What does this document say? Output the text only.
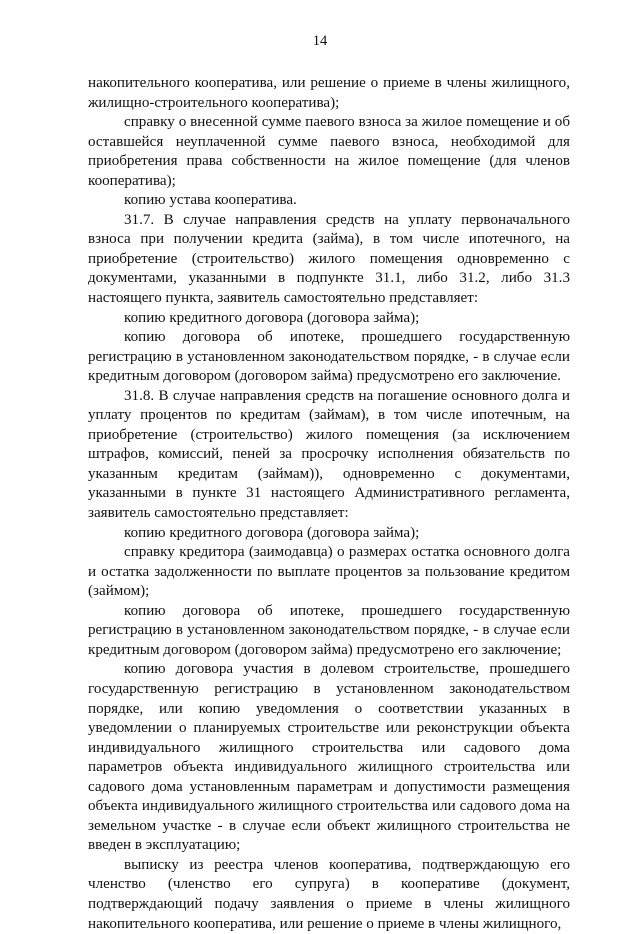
14

накопительного кооператива, или решение о приеме в члены жилищного, жилищно-строительного кооператива);

справку о внесенной сумме паевого взноса за жилое помещение и об оставшейся неуплаченной сумме паевого взноса, необходимой для приобретения права собственности на жилое помещение (для членов кооператива);

копию устава кооператива.

31.7. В случае направления средств на уплату первоначального взноса при получении кредита (займа), в том числе ипотечного, на приобретение (строительство) жилого помещения одновременно с документами, указанными в подпункте 31.1, либо 31.2, либо 31.3 настоящего пункта, заявитель самостоятельно представляет:

копию кредитного договора (договора займа);

копию договора об ипотеке, прошедшего государственную регистрацию в установленном законодательством порядке, - в случае если кредитным договором (договором займа) предусмотрено его заключение.

31.8. В случае направления средств на погашение основного долга и уплату процентов по кредитам (займам), в том числе ипотечным, на приобретение (строительство) жилого помещения (за исключением штрафов, комиссий, пеней за просрочку исполнения обязательств по указанным кредитам (займам)), одновременно с документами, указанными в пункте 31 настоящего Административного регламента, заявитель самостоятельно представляет:

копию кредитного договора (договора займа);

справку кредитора (заимодавца) о размерах остатка основного долга и остатка задолженности по выплате процентов за пользование кредитом (займом);

копию договора об ипотеке, прошедшего государственную регистрацию в установленном законодательством порядке, - в случае если кредитным договором (договором займа) предусмотрено его заключение;

копию договора участия в долевом строительстве, прошедшего государственную регистрацию в установленном законодательством порядке, или копию уведомления о соответствии указанных в уведомлении о планируемых строительстве или реконструкции объекта индивидуального жилищного строительства или садового дома параметров объекта индивидуального жилищного строительства или садового дома установленным параметрам и допустимости размещения объекта индивидуального жилищного строительства или садового дома на земельном участке - в случае если объект жилищного строительства не введен в эксплуатацию;

выписку из реестра членов кооператива, подтверждающую его членство (членство его супруга) в кооперативе (документ, подтверждающий подачу заявления о приеме в члены жилищного накопительного кооператива, или решение о приеме в члены жилищного,
